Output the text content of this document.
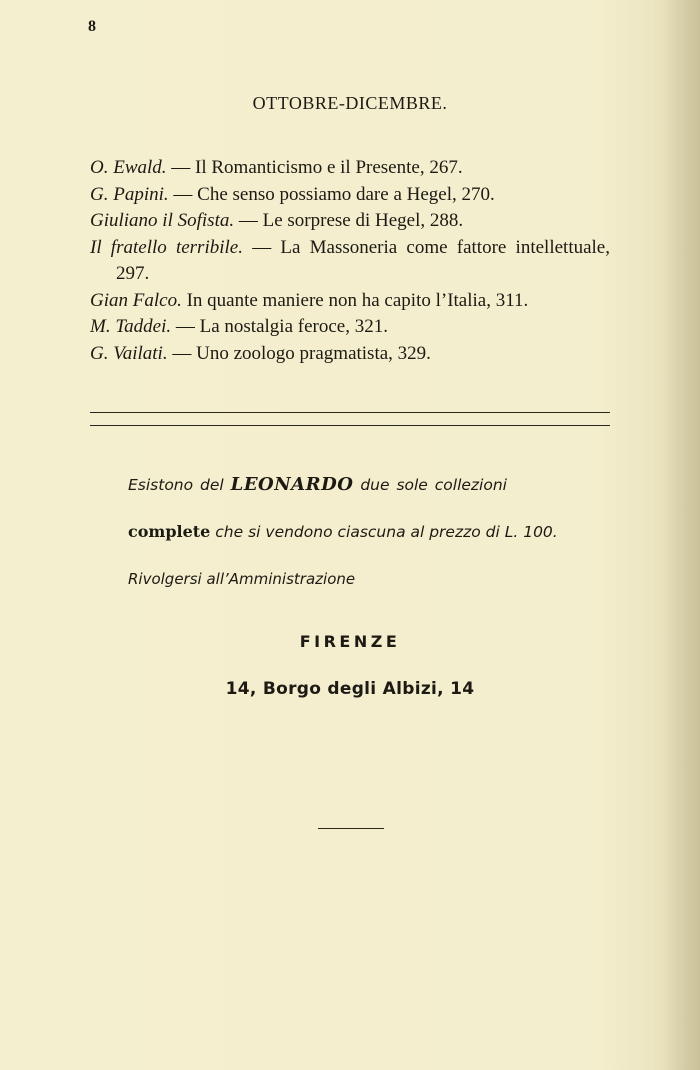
8
OTTOBRE-DICEMBRE.
O. Ewald. — Il Romanticismo e il Presente, 267.
G. Papini. — Che senso possiamo dare a Hegel, 270.
Giuliano il Sofista. — Le sorprese di Hegel, 288.
Il fratello terribile. — La Massoneria come fattore intellettuale, 297.
Gian Falco. In quante maniere non ha capito l’Italia, 311.
M. Taddei. — La nostalgia feroce, 321.
G. Vailati. — Uno zoologo pragmatista, 329.
Esistono del LEONARDO due sole collezioni
complete che si vendono ciascuna al prezzo di L. 100.
Rivolgersi all’Amministrazione
FIRENZE
14, Borgo degli Albizi, 14
